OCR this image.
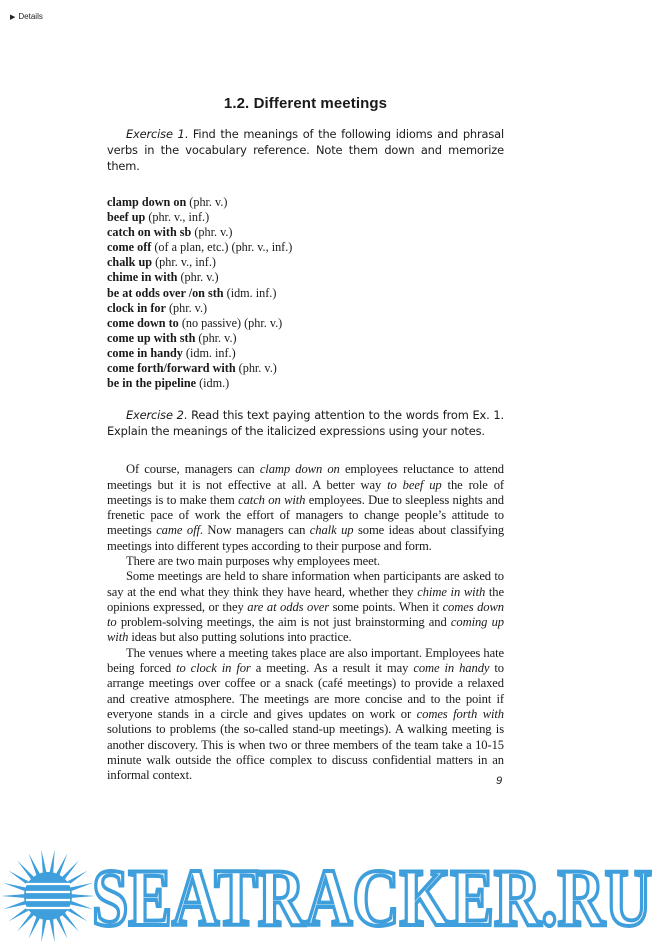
▶ Details
1.2. Different meetings
Exercise 1. Find the meanings of the following idioms and phrasal verbs in the vocabulary reference. Note them down and memorize them.
clamp down on (phr. v.)
beef up (phr. v., inf.)
catch on with sb (phr. v.)
come off (of a plan, etc.) (phr. v., inf.)
chalk up (phr. v., inf.)
chime in with (phr. v.)
be at odds over /on sth (idm. inf.)
clock in for (phr. v.)
come down to (no passive) (phr. v.)
come up with sth (phr. v.)
come in handy (idm. inf.)
come forth/forward with (phr. v.)
be in the pipeline (idm.)
Exercise 2. Read this text paying attention to the words from Ex. 1. Explain the meanings of the italicized expressions using your notes.

Of course, managers can clamp down on employees reluctance to attend meetings but it is not effective at all. A better way to beef up the role of meetings is to make them catch on with employees. Due to sleepless nights and frenetic pace of work the effort of managers to change people’s attitude to meetings came off. Now managers can chalk up some ideas about classifying meetings into different types according to their purpose and form.

There are two main purposes why employees meet.

Some meetings are held to share information when participants are asked to say at the end what they think they have heard, whether they chime in with the opinions expressed, or they are at odds over some points. When it comes down to problem-solving meetings, the aim is not just brainstorming and coming up with ideas but also putting solutions into practice.

The venues where a meeting takes place are also important. Employees hate being forced to clock in for a meeting. As a result it may come in handy to arrange meetings over coffee or a snack (café meetings) to provide a relaxed and creative atmosphere. The meetings are more concise and to the point if everyone stands in a circle and gives updates on work or comes forth with solutions to problems (the so-called stand-up meetings). A walking meeting is another discovery. This is when two or three members of the team take a 10-15 minute walk outside the office complex to discuss confidential matters in an informal context.	9
SEATRACKER.RU
